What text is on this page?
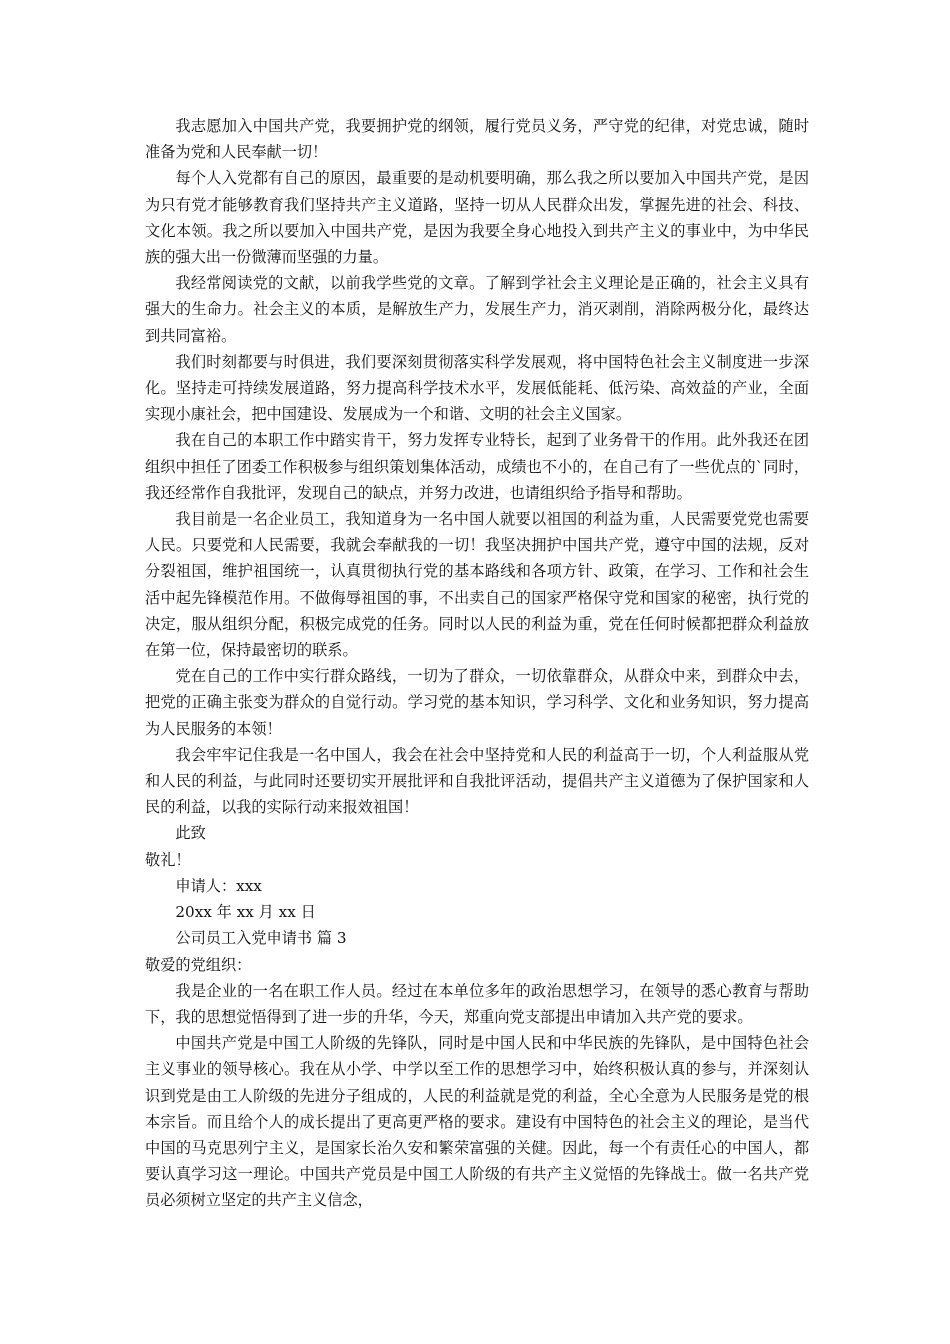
我志愿加入中国共产党，我要拥护党的纲领，履行党员义务，严守党的纪律，对党忠诚，随时准备为党和人民奉献一切！

每个人入党都有自己的原因，最重要的是动机要明确，那么我之所以要加入中国共产党，是因为只有党才能够教育我们坚持共产主义道路，坚持一切从人民群众出发，掌握先进的社会、科技、文化本领。我之所以要加入中国共产党，是因为我要全身心地投入到共产主义的事业中，为中华民族的强大出一份微薄而坚强的力量。

我经常阅读党的文献，以前我学些党的文章。了解到学社会主义理论是正确的，社会主义具有强大的生命力。社会主义的本质，是解放生产力，发展生产力，消灭剥削，消除两极分化，最终达到共同富裕。

我们时刻都要与时俱进，我们要深刻贯彻落实科学发展观，将中国特色社会主义制度进一步深化。坚持走可持续发展道路，努力提高科学技术水平，发展低能耗、低污染、高效益的产业，全面实现小康社会，把中国建设、发展成为一个和谐、文明的社会主义国家。

我在自己的本职工作中踏实肯干，努力发挥专业特长，起到了业务骨干的作用。此外我还在团组织中担任了团委工作积极参与组织策划集体活动，成绩也不小的，在自己有了一些优点的`同时，我还经常作自我批评，发现自己的缺点，并努力改进，也请组织给予指导和帮助。

我目前是一名企业员工，我知道身为一名中国人就要以祖国的利益为重，人民需要党党也需要人民。只要党和人民需要，我就会奉献我的一切！我坚决拥护中国共产党，遵守中国的法规，反对分裂祖国，维护祖国统一，认真贯彻执行党的基本路线和各项方针、政策，在学习、工作和社会生活中起先锋模范作用。不做侮辱祖国的事，不出卖自己的国家严格保守党和国家的秘密，执行党的决定，服从组织分配，积极完成党的任务。同时以人民的利益为重，党在任何时候都把群众利益放在第一位，保持最密切的联系。

党在自己的工作中实行群众路线，一切为了群众，一切依靠群众，从群众中来，到群众中去，把党的正确主张变为群众的自觉行动。学习党的基本知识，学习科学、文化和业务知识，努力提高为人民服务的本领！

我会牢牢记住我是一名中国人，我会在社会中坚持党和人民的利益高于一切，个人利益服从党和人民的利益，与此同时还要切实开展批评和自我批评活动，提倡共产主义道德为了保护国家和人民的利益，以我的实际行动来报效祖国！

此致

敬礼！

申请人：xxx

20xx 年 xx 月 xx 日

公司员工入党申请书 篇 3

敬爱的党组织：

我是企业的一名在职工作人员。经过在本单位多年的政治思想学习，在领导的悉心教育与帮助下，我的思想觉悟得到了进一步的升华，今天，郑重向党支部提出申请加入共产党的要求。

中国共产党是中国工人阶级的先锋队，同时是中国人民和中华民族的先锋队，是中国特色社会主义事业的领导核心。我在从小学、中学以至工作的思想学习中，始终积极认真的参与，并深刻认识到党是由工人阶级的先进分子组成的，人民的利益就是党的利益，全心全意为人民服务是党的根本宗旨。而且给个人的成长提出了更高更严格的要求。建设有中国特色的社会主义的理论，是当代中国的马克思列宁主义，是国家长治久安和繁荣富强的关健。因此，每一个有责任心的中国人，都要认真学习这一理论。中国共产党员是中国工人阶级的有共产主义觉悟的先锋战士。做一名共产党员必须树立坚定的共产主义信念，
